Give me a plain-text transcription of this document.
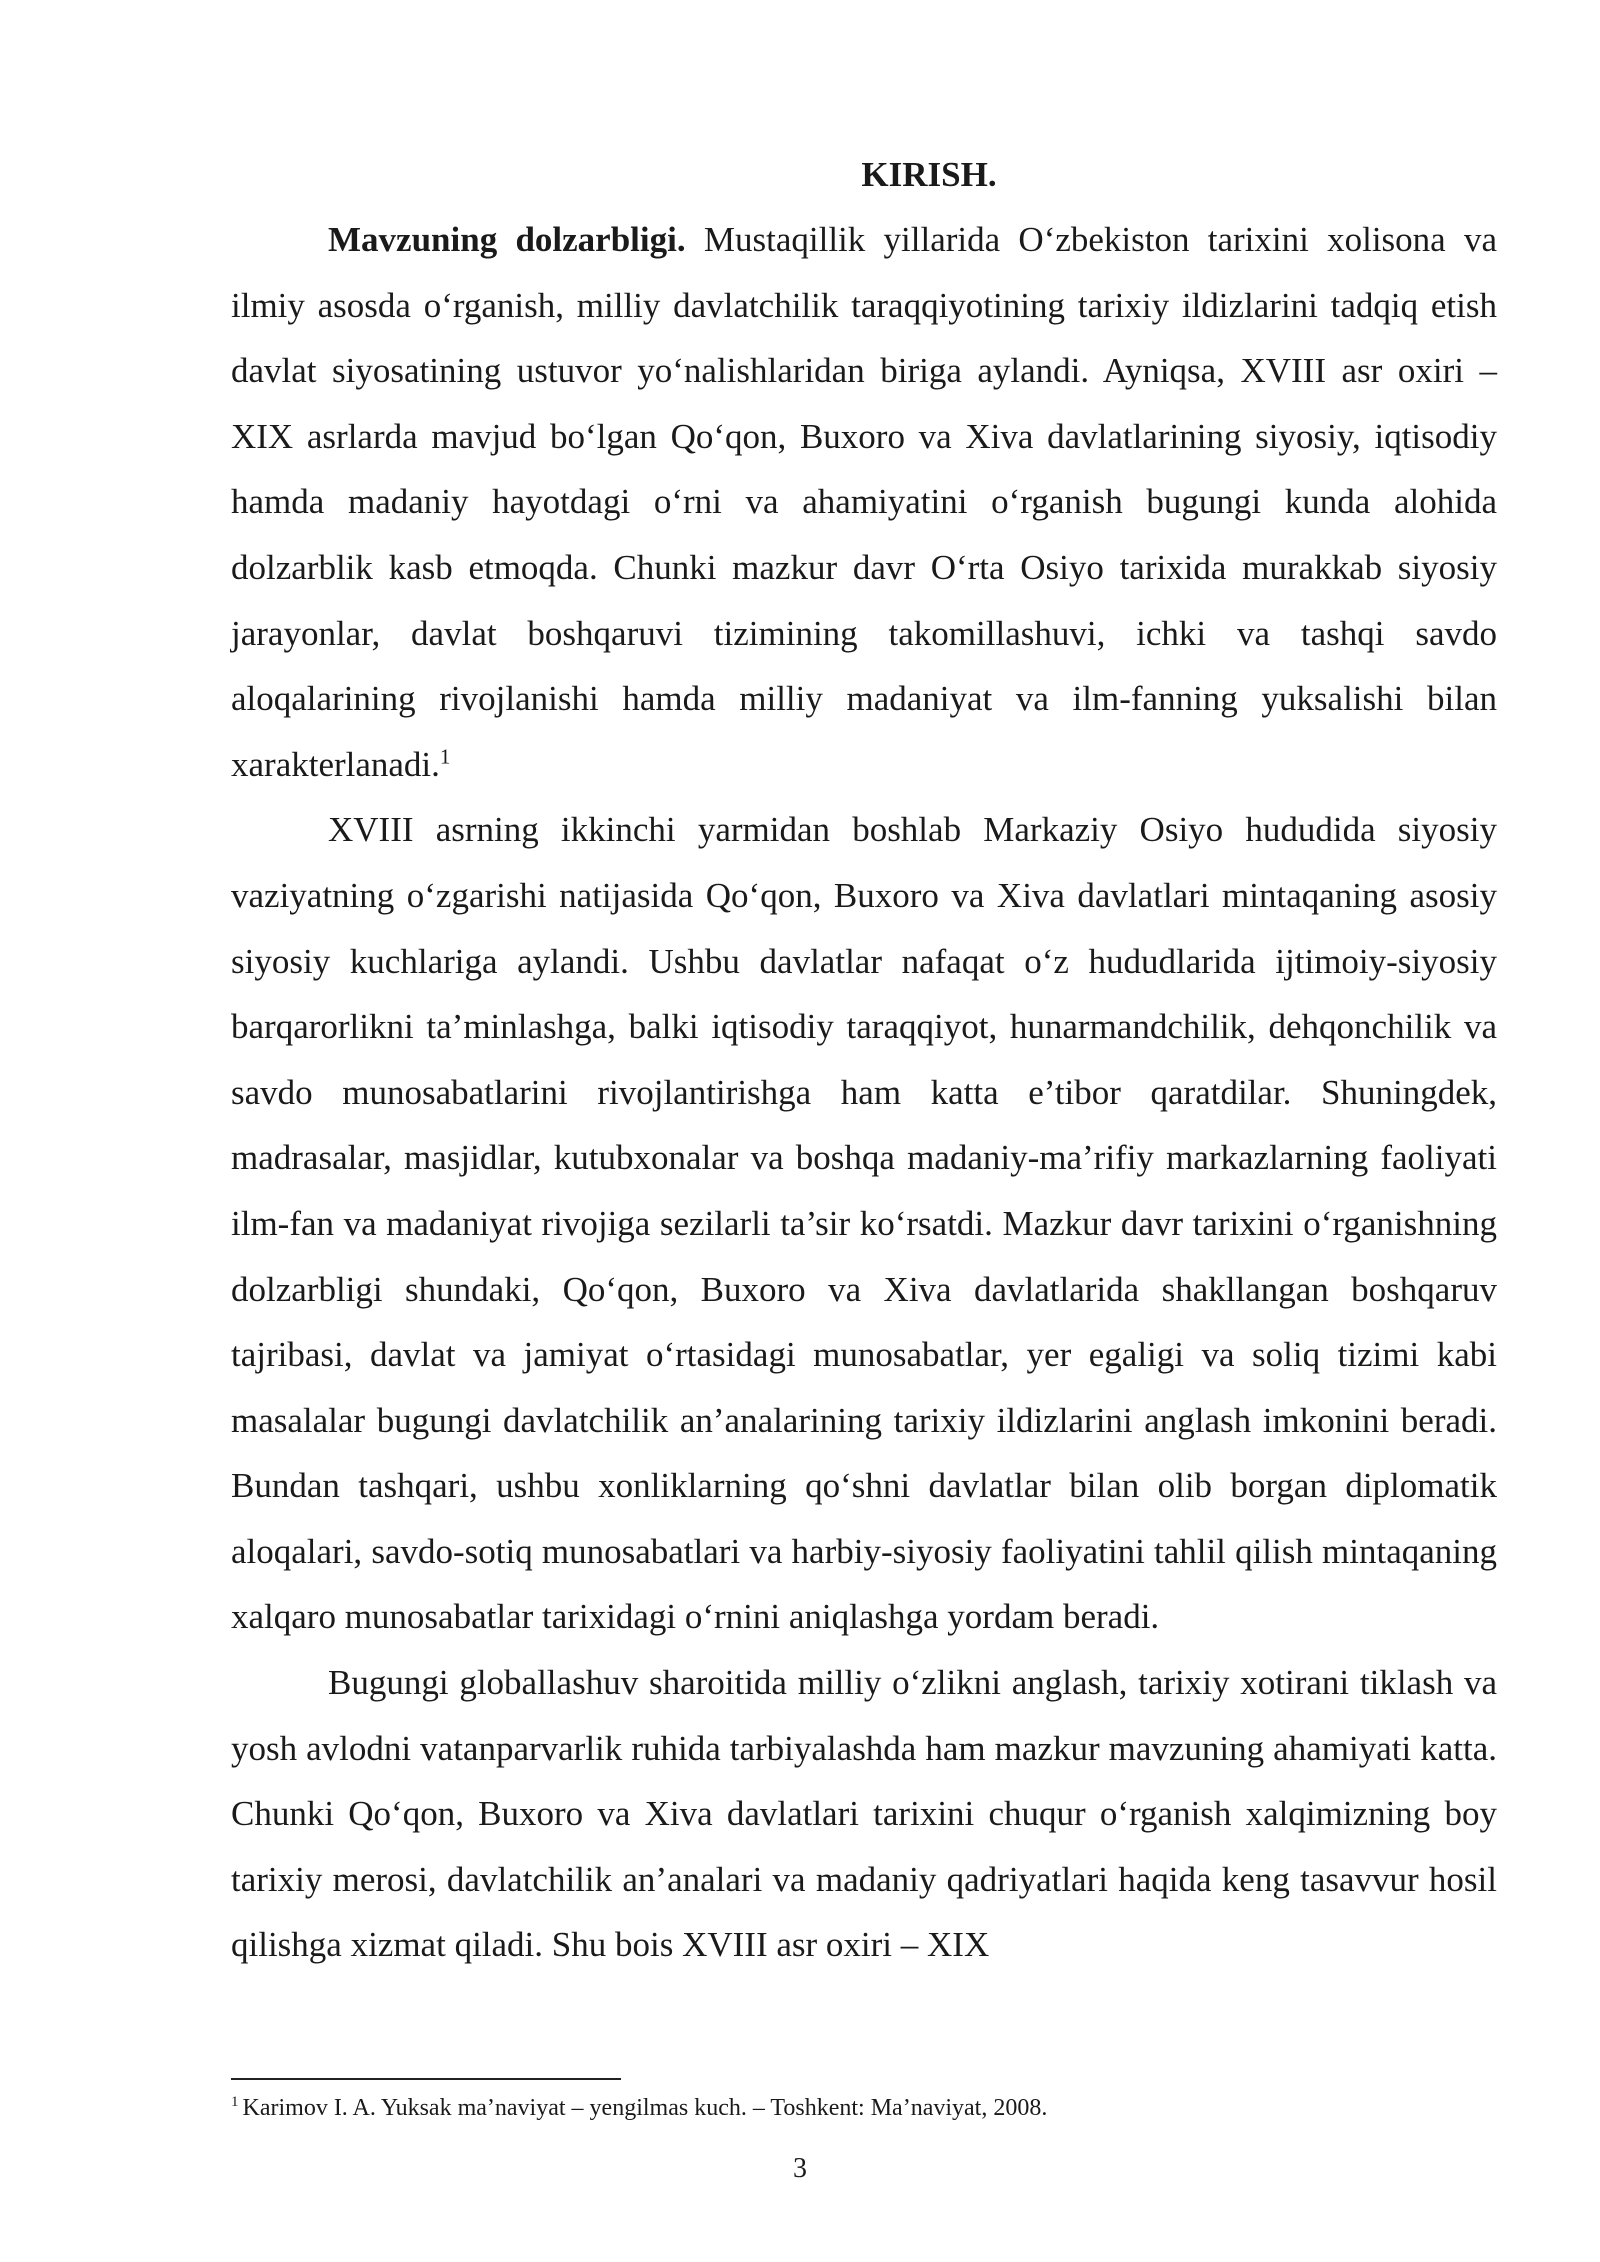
KIRISH.

Mavzuning dolzarbligi. Mustaqillik yillarida O‘zbekiston tarixini xolisona va ilmiy asosda o‘rganish, milliy davlatchilik taraqqiyotining tarixiy ildizlarini tadqiq etish davlat siyosatining ustuvor yo‘nalishlaridan biriga aylandi. Ayniqsa, XVIII asr oxiri – XIX asrlarda mavjud bo‘lgan Qo‘qon, Buxoro va Xiva davlatlarining siyosiy, iqtisodiy hamda madaniy hayotdagi o‘rni va ahamiyatini o‘rganish bugungi kunda alohida dolzarblik kasb etmoqda. Chunki mazkur davr O‘rta Osiyo tarixida murakkab siyosiy jarayonlar, davlat boshqaruvi tizimining takomillashuvi, ichki va tashqi savdo aloqalarining rivojlanishi hamda milliy madaniyat va ilm-fanning yuksalishi bilan xarakterlanadi.$^1$

XVIII asrning ikkinchi yarmidan boshlab Markaziy Osiyo hududida siyosiy vaziyatning o‘zgarishi natijasida Qo‘qon, Buxoro va Xiva davlatlari mintaqaning asosiy siyosiy kuchlariga aylandi. Ushbu davlatlar nafaqat o‘z hududlarida ijtimoiy-siyosiy barqarorlikni ta’minlashga, balki iqtisodiy taraqqiyot, hunarmandchilik, dehqonchilik va savdo munosabatlarini rivojlantirishga ham katta e’tibor qaratdilar. Shuningdek, madrasalar, masjidlar, kutubxonalar va boshqa madaniy-ma’rifiy markazlarning faoliyati ilm-fan va madaniyat rivojiga sezilarli ta’sir ko‘rsatdi. Mazkur davr tarixini o‘rganishning dolzarbligi shundaki, Qo‘qon, Buxoro va Xiva davlatlarida shakllangan boshqaruv tajribasi, davlat va jamiyat o‘rtasidagi munosabatlar, yer egaligi va soliq tizimi kabi masalalar bugungi davlatchilik an’analarining tarixiy ildizlarini anglash imkonini beradi. Bundan tashqari, ushbu xonliklarning qo‘shni davlatlar bilan olib borgan diplomatik aloqalari, savdo-sotiq munosabatlari va harbiy-siyosiy faoliyatini tahlil qilish mintaqaning xalqaro munosabatlar tarixidagi o‘rnini aniqlashga yordam beradi.

Bugungi globallashuv sharoitida milliy o‘zlikni anglash, tarixiy xotirani tiklash va yosh avlodni vatanparvarlik ruhida tarbiyalashda ham mazkur mavzuning ahamiyati katta. Chunki Qo‘qon, Buxoro va Xiva davlatlari tarixini chuqur o‘rganish xalqimizning boy tarixiy merosi, davlatchilik an’analari va madaniy qadriyatlari haqida keng tasavvur hosil qilishga xizmat qiladi. Shu bois XVIII asr oxiri – XIX

$^1$ Karimov I. A. Yuksak ma’naviyat – yengilmas kuch. – Toshkent: Ma’naviyat, 2008.
3
